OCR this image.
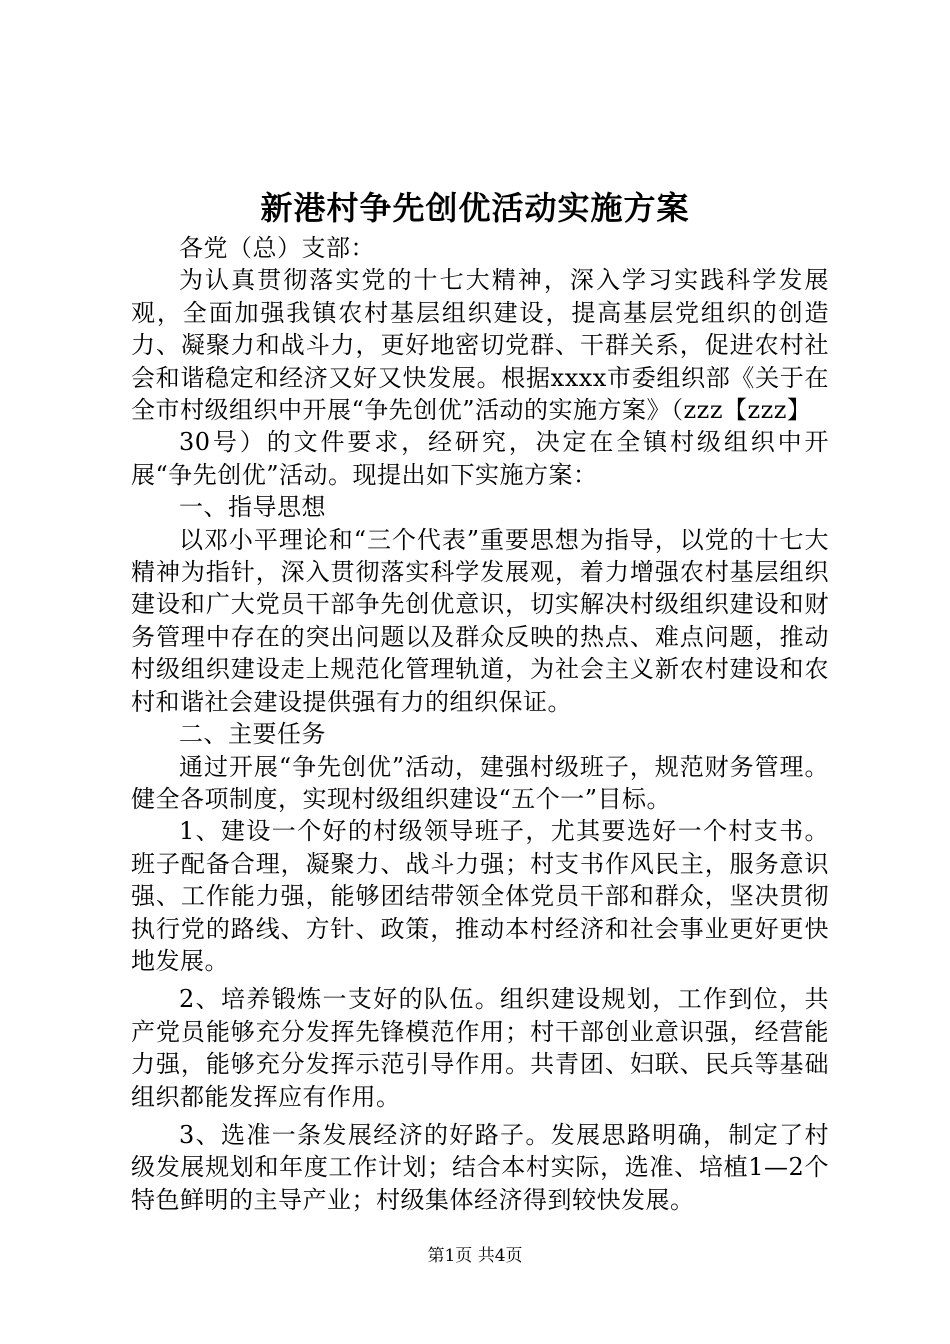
新港村争先创优活动实施方案

各党（总）支部：

为认真贯彻落实党的十七大精神，深入学习实践科学发展观，全面加强我镇农村基层组织建设，提高基层党组织的创造力、凝聚力和战斗力，更好地密切党群、干群关系，促进农村社会和谐稳定和经济又好又快发展。根据xxxx市委组织部《关于在全市村级组织中开展“争先创优”活动的实施方案》（zzz【zzz】

30号）的文件要求，经研究，决定在全镇村级组织中开展“争先创优”活动。现提出如下实施方案：

一、指导思想

以邓小平理论和“三个代表”重要思想为指导，以党的十七大精神为指针，深入贯彻落实科学发展观，着力增强农村基层组织建设和广大党员干部争先创优意识，切实解决村级组织建设和财务管理中存在的突出问题以及群众反映的热点、难点问题，推动村级组织建设走上规范化管理轨道，为社会主义新农村建设和农村和谐社会建设提供强有力的组织保证。

二、主要任务

通过开展“争先创优”活动，建强村级班子，规范财务管理。健全各项制度，实现村级组织建设“五个一”目标。

1、建设一个好的村级领导班子，尤其要选好一个村支书。班子配备合理，凝聚力、战斗力强；村支书作风民主，服务意识强、工作能力强，能够团结带领全体党员干部和群众，坚决贯彻执行党的路线、方针、政策，推动本村经济和社会事业更好更快地发展。

2、培养锻炼一支好的队伍。组织建设规划，工作到位，共产党员能够充分发挥先锋模范作用；村干部创业意识强，经营能力强，能够充分发挥示范引导作用。共青团、妇联、民兵等基础组织都能发挥应有作用。

3、选准一条发展经济的好路子。发展思路明确，制定了村级发展规划和年度工作计划；结合本村实际，选准、培植1—2个特色鲜明的主导产业；村级集体经济得到较快发展。

第1页 共4页
